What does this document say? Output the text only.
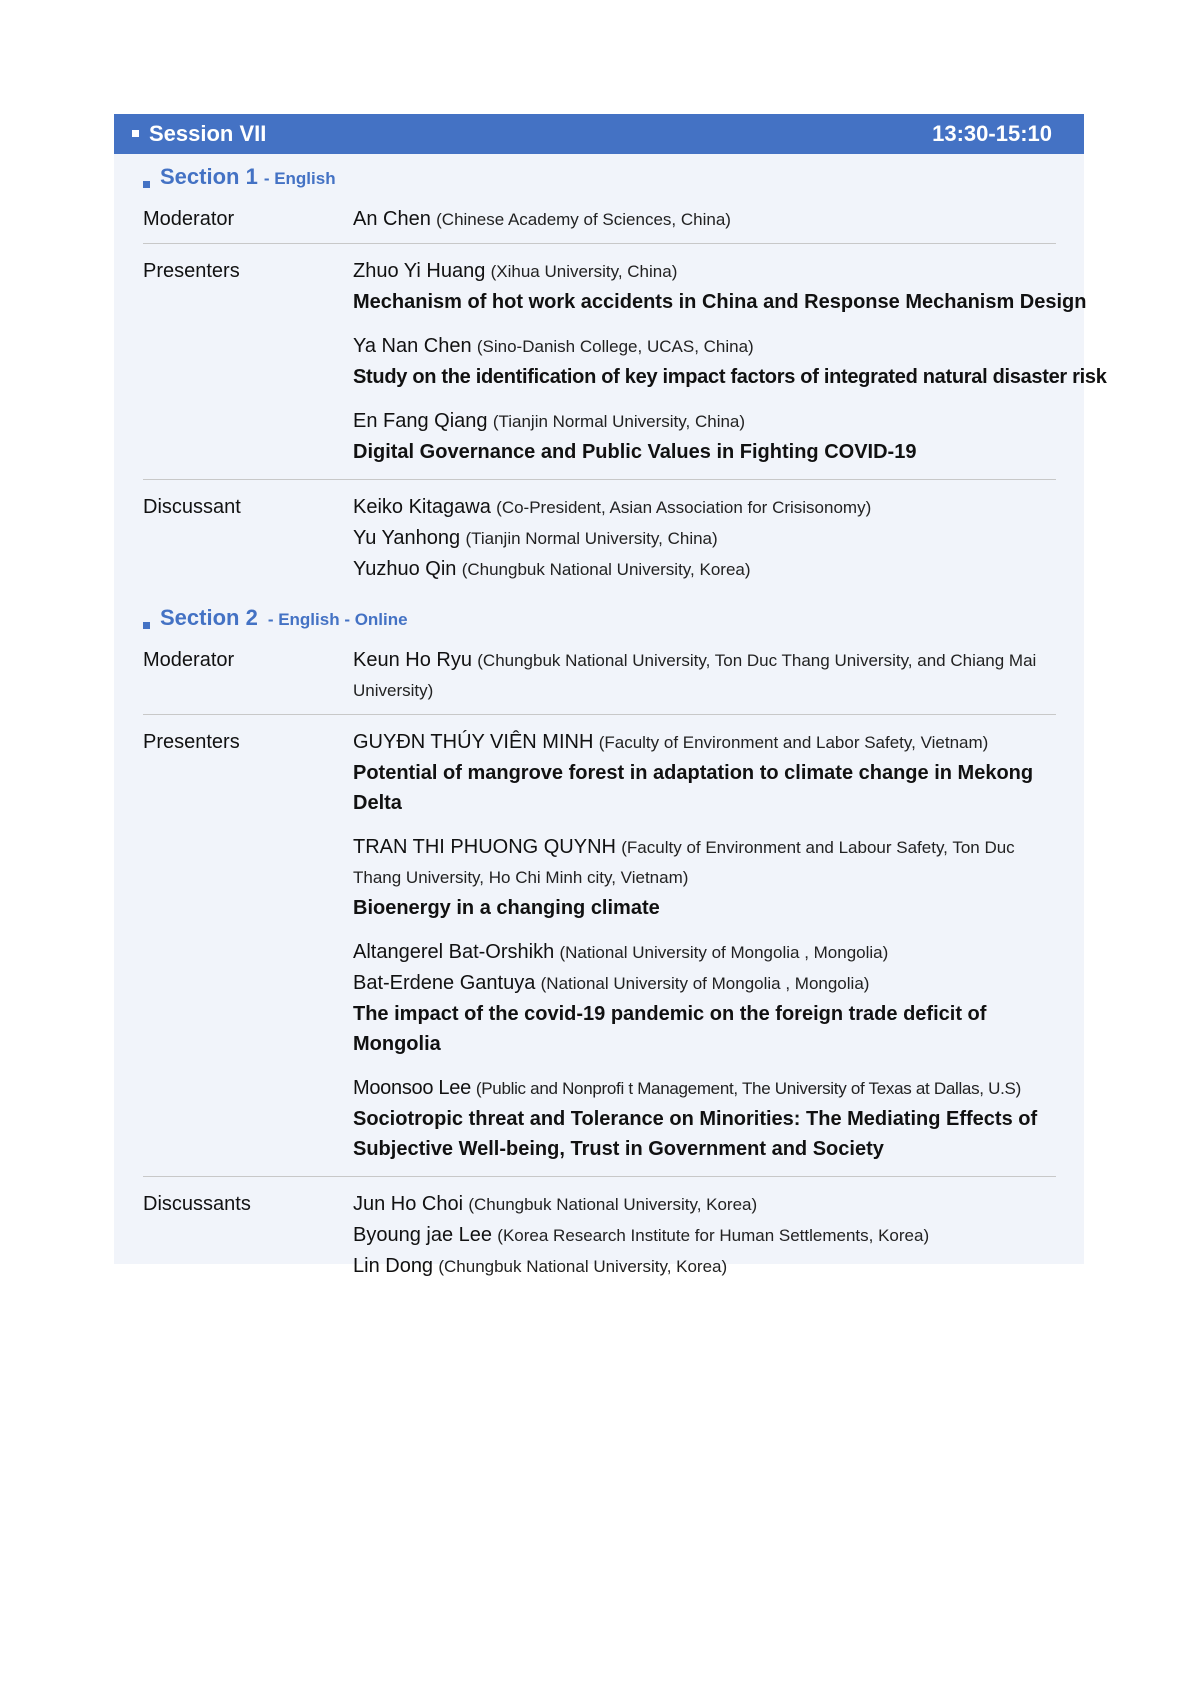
Session VII	13:30-15:10
Section 1 - English
Moderator	An Chen (Chinese Academy of Sciences, China)
Presenters	Zhuo Yi Huang (Xihua University, China)
Mechanism of hot work accidents in China and Response Mechanism Design
Ya Nan Chen (Sino-Danish College, UCAS, China)
Study on the identification of key impact factors of integrated natural disaster risk
En Fang Qiang (Tianjin Normal University, China)
Digital Governance and Public Values in Fighting COVID-19
Discussant	Keiko Kitagawa (Co-President, Asian Association for Crisisonomy)
Yu Yanhong (Tianjin Normal University, China)
Yuzhuo Qin (Chungbuk National University, Korea)
Section 2 - English - Online
Moderator	Keun Ho Ryu (Chungbuk National University, Ton Duc Thang University, and Chiang Mai University)
Presenters	GUYĐN THÚY VIÊN MINH (Faculty of Environment and Labor Safety, Vietnam)
Potential of mangrove forest in adaptation to climate change in Mekong Delta
TRAN THI PHUONG QUYNH (Faculty of Environment and Labour Safety, Ton Duc Thang University, Ho Chi Minh city, Vietnam)
Bioenergy in a changing climate
Altangerel Bat-Orshikh (National University of Mongolia , Mongolia)
Bat-Erdene Gantuya (National University of Mongolia , Mongolia)
The impact of the covid-19 pandemic on the foreign trade deficit of Mongolia
Moonsoo Lee (Public and Nonprofi t Management, The University of Texas at Dallas, U.S)
Sociotropic threat and Tolerance on Minorities: The Mediating Effects of Subjective Well-being, Trust in Government and Society
Discussants	Jun Ho Choi (Chungbuk National University, Korea)
Byoung jae Lee (Korea Research Institute for Human Settlements, Korea)
Lin Dong (Chungbuk National University, Korea)
